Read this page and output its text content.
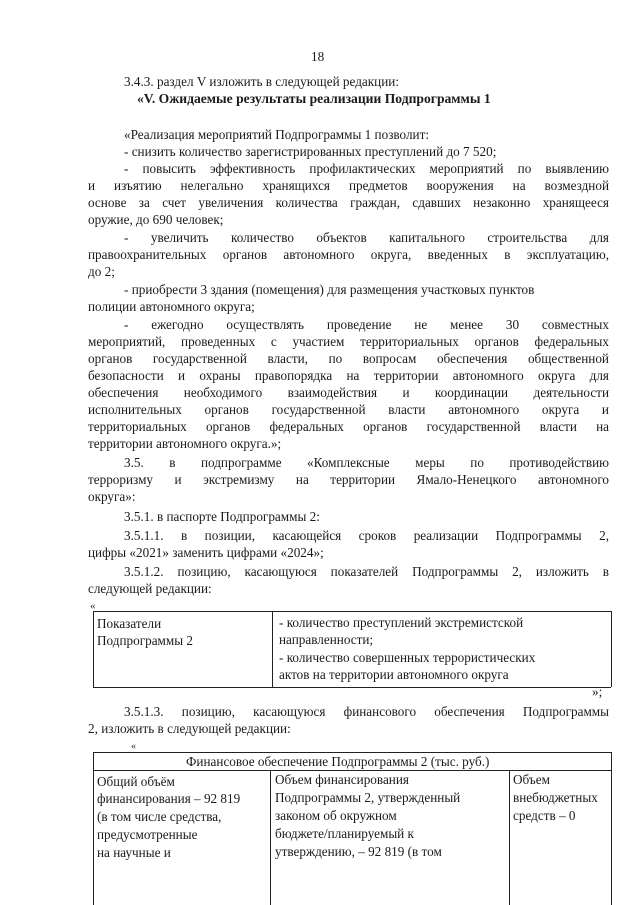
18
3.4.3. раздел V изложить в следующей редакции:
«V. Ожидаемые результаты реализации Подпрограммы 1
«Реализация мероприятий Подпрограммы 1 позволит:
- снизить количество зарегистрированных преступлений до 7 520;
- повысить эффективность профилактических мероприятий по выявлению
и изъятию нелегально хранящихся предметов вооружения на возмездной
основе за счет увеличения количества граждан, сдавших незаконно хранящееся
оружие, до 690 человек;
- увеличить количество объектов капитального строительства для
правоохранительных органов автономного округа, введенных в эксплуатацию,
до 2;
- приобрести 3 здания (помещения) для размещения участковых пунктов
полиции автономного округа;
- ежегодно осуществлять проведение не менее 30 совместных
мероприятий, проведенных с участием территориальных органов федеральных
органов государственной власти, по вопросам обеспечения общественной
безопасности и охраны правопорядка на территории автономного округа для
обеспечения необходимого взаимодействия и координации деятельности
исполнительных органов государственной власти автономного округа и
территориальных органов федеральных органов государственной власти на
территории автономного округа.»;
3.5. в подпрограмме «Комплексные меры по противодействию
терроризму и экстремизму на территории Ямало-Ненецкого автономного
округа»:
3.5.1. в паспорте Подпрограммы 2:
3.5.1.1. в позиции, касающейся сроков реализации Подпрограммы 2,
цифры «2021» заменить цифрами «2024»;
3.5.1.2. позицию, касающуюся показателей Подпрограммы 2, изложить в
следующей редакции:
«
Показатели
Подпрограммы 2
- количество преступлений экстремистской
направленности;
- количество совершенных террористических
актов на территории автономного округа
»;
3.5.1.3. позицию, касающуюся финансового обеспечения Подпрограммы
2, изложить в следующей редакции:
«
Финансовое обеспечение Подпрограммы 2 (тыс. руб.)
Общий объём
финансирования – 92 819
(в том числе средства,
предусмотренные
на научные и
Объем финансирования
Подпрограммы 2, утвержденный
законом об окружном
бюджете/планируемый к
утверждению, – 92 819 (в том
Объем
внебюджетных
средств – 0
